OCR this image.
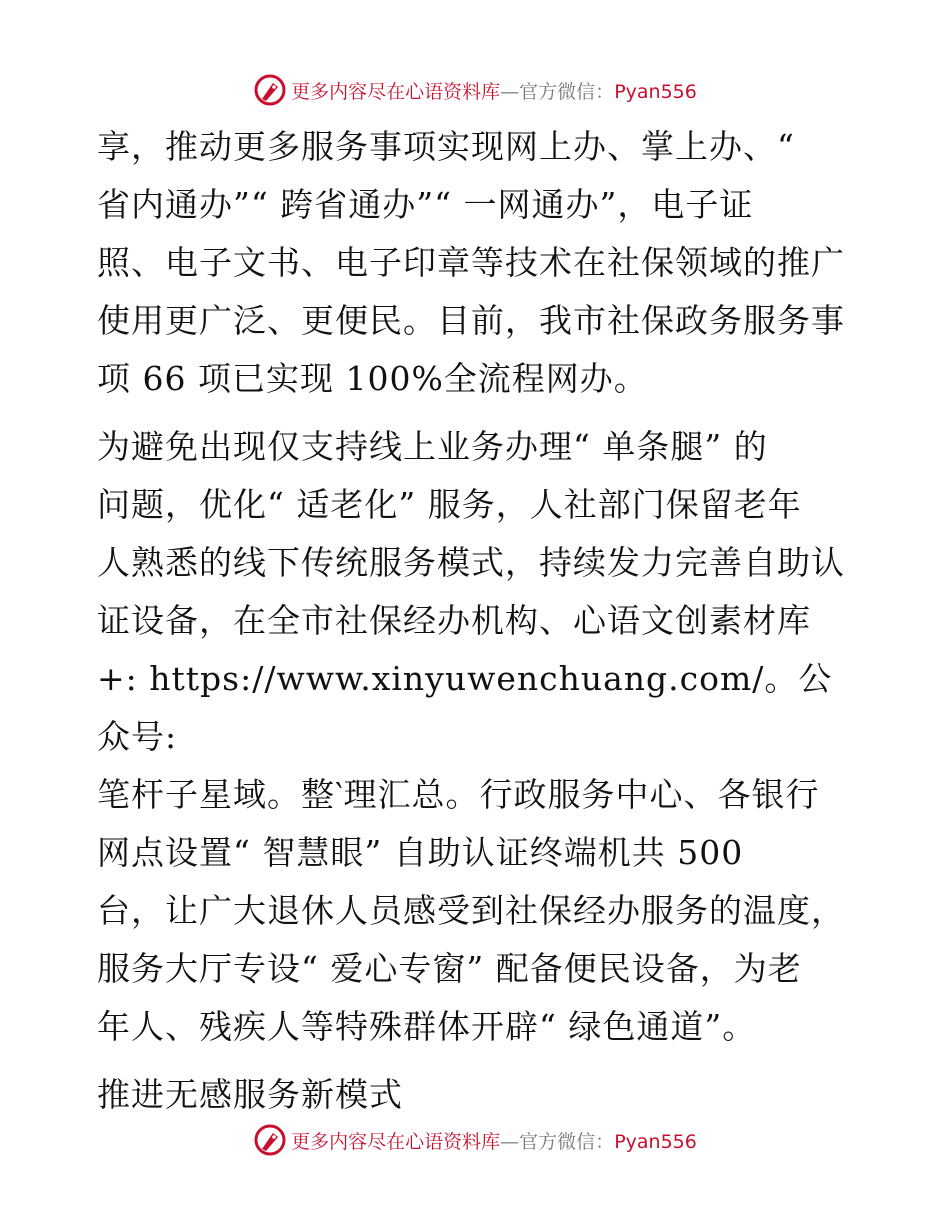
更多内容尽在心语资料库—官方微信：Pyan556

享，推动更多服务事项实现网上办、掌上办、“
省内通办”“ 跨省通办”“ 一网通办”，电子证
照、电子文书、电子印章等技术在社保领域的推广
使用更广泛、更便民。目前，我市社保政务服务事
项 66 项已实现 100%全流程网办。

为避免出现仅支持线上业务办理“ 单条腿” 的
问题，优化“ 适老化” 服务，人社部门保留老年
人熟悉的线下传统服务模式，持续发力完善自助认
证设备，在全市社保经办机构、心语文创素材库
+: https://www.xinyuwenchuang.com/。公众号:
笔杆子星域。整‵理汇总。行政服务中心、各银行
网点设置“ 智慧眼” 自助认证终端机共 500
台，让广大退休人员感受到社保经办服务的温度，
服务大厅专设“ 爱心专窗” 配备便民设备，为老
年人、残疾人等特殊群体开辟“ 绿色通道”。

推进无感服务新模式

更多内容尽在心语资料库—官方微信：Pyan556
